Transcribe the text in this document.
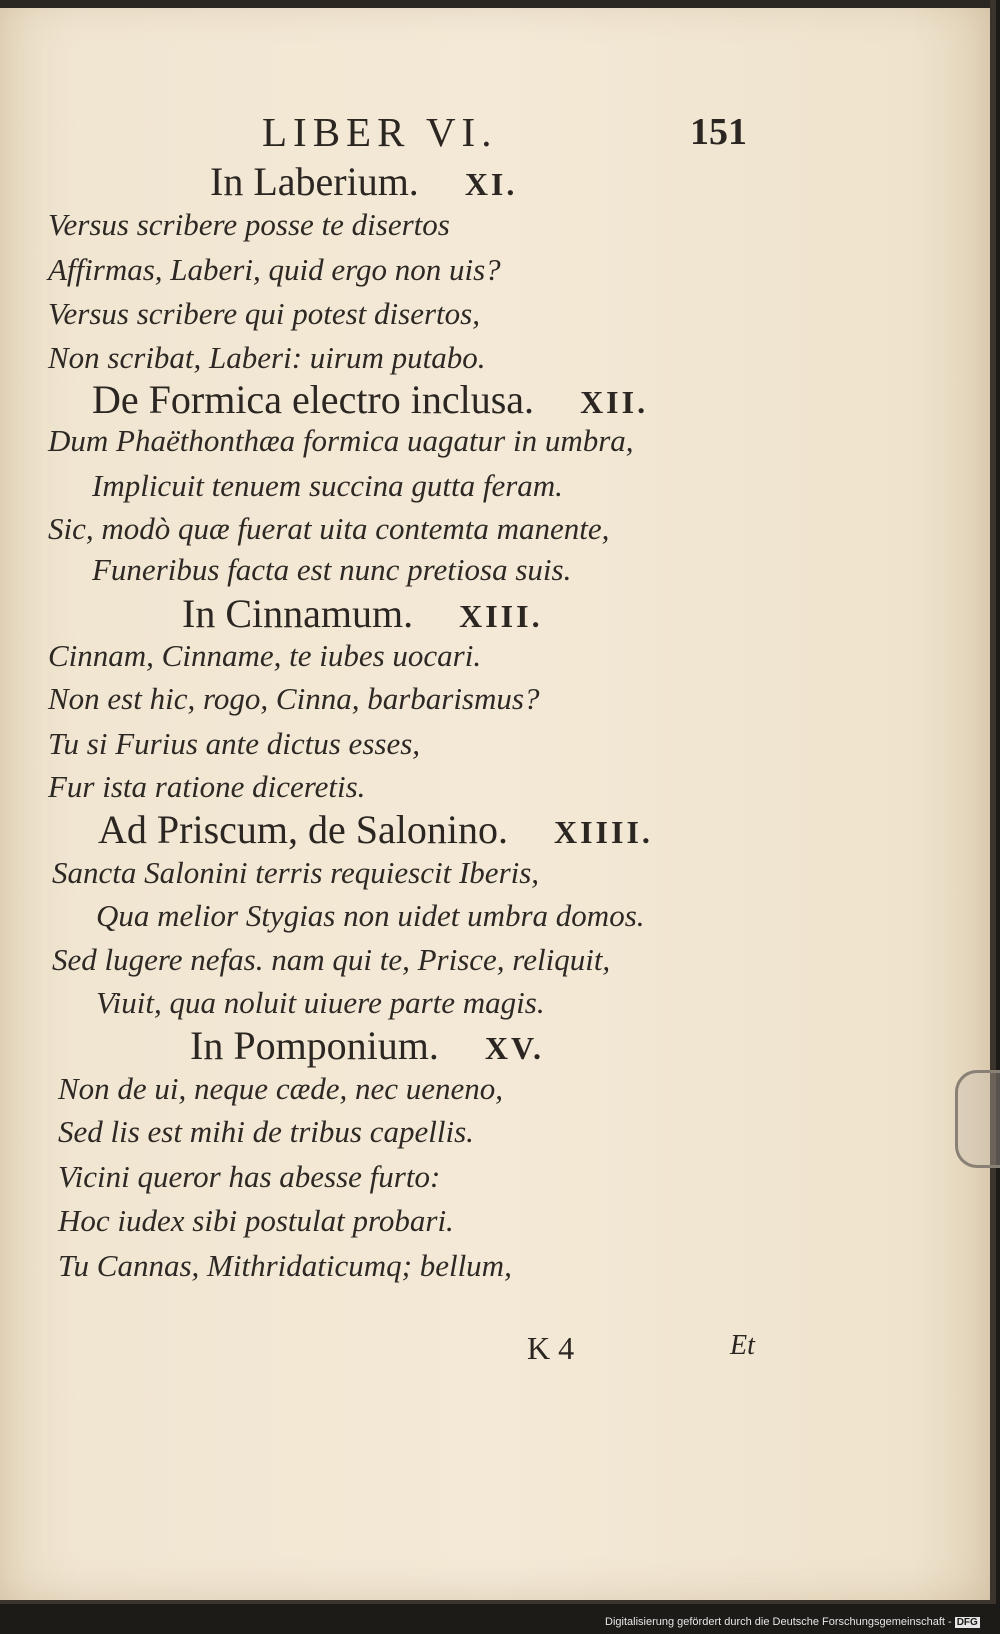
LIBER VI.	151
In Laberium. XI.
Versus scribere posse te disertos
Affirmas, Laberi, quid ergo non uis?
Versus scribere qui potest disertos,
Non scribat, Laberi: uirum putabo.
De Formica electro inclusa. XII.
Dum Phaëthonthæa formica uagatur in umbra,
Implicuit tenuem succina gutta feram.
Sic, modò quæ fuerat uita contemta manente,
Funeribus facta est nunc pretiosa suis.
In Cinnamum. XIII.
Cinnam, Cinname, te iubes uocari.
Non est hic, rogo, Cinna, barbarismus?
Tu si Furius ante dictus esses,
Fur ista ratione diceretis.
Ad Priscum, de Salonino. XIIII.
Sancta Salonini terris requiescit Iberis,
Qua melior Stygias non uidet umbra domos.
Sed lugere nefas. nam qui te, Prisce, reliquit,
Viuit, qua noluit uiuere parte magis.
In Pomponium. XV.
Non de ui, neque cæde, nec ueneno,
Sed lis est mihi de tribus capellis.
Vicini queror has abesse furto:
Hoc iudex sibi postulat probari.
Tu Cannas, Mithridaticumq; bellum,
K 4	Et
Digitalisierung gefördert durch die Deutsche Forschungsgemeinschaft - DFG
